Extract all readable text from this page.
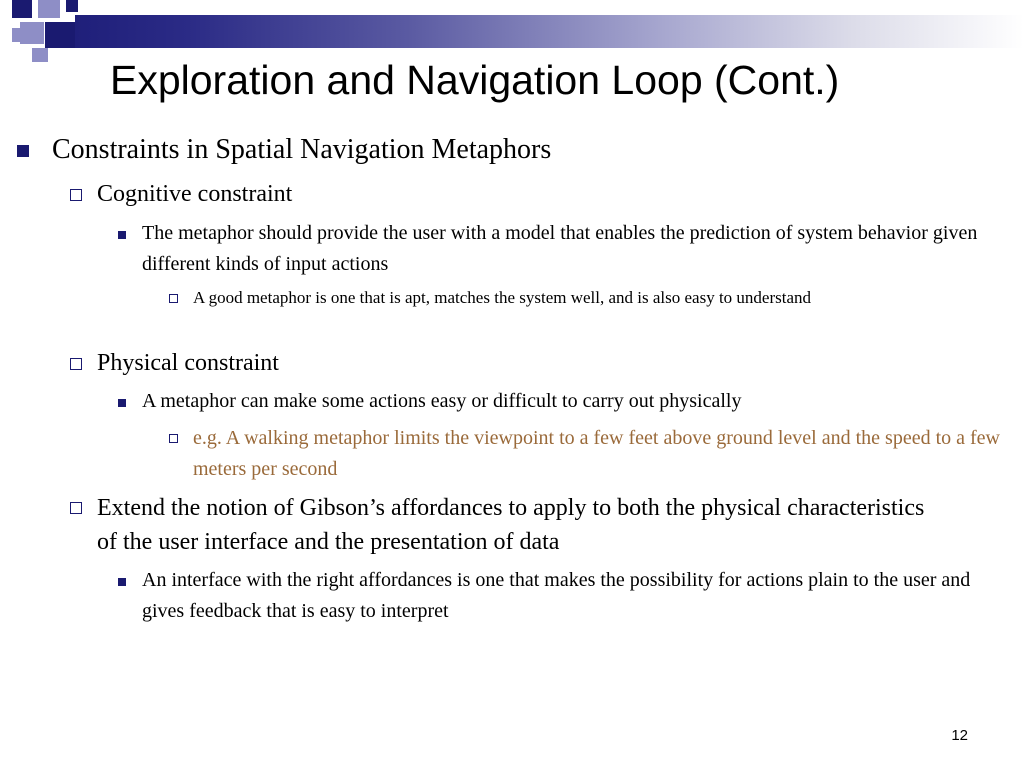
Exploration and Navigation Loop (Cont.)
Constraints in Spatial Navigation Metaphors
Cognitive constraint
The metaphor should provide the user with a model that enables the prediction of system behavior given different kinds of input actions
A good metaphor is one that is apt, matches the system well, and is also easy to understand
Physical constraint
A metaphor can make some actions easy or difficult to carry out physically
e.g. A walking metaphor limits the viewpoint to a few feet above ground level and the speed to a few meters per second
Extend the notion of Gibson’s affordances to apply to both the physical characteristics of the user interface and the presentation of data
An interface with the right affordances is one that makes the possibility for actions plain to the user and gives feedback that is easy to interpret
12
